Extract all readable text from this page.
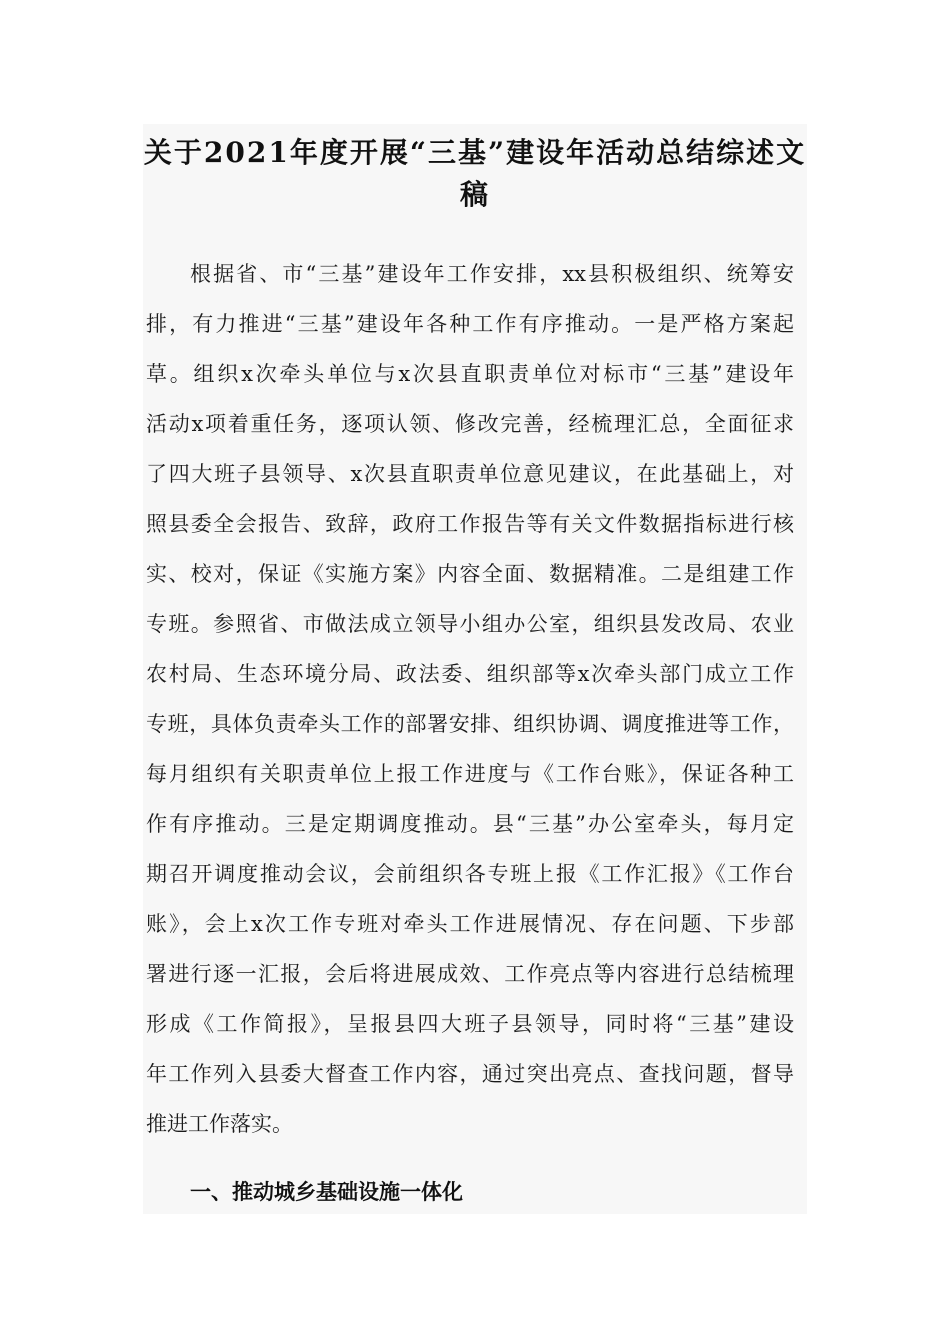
关于2021年度开展“三基”建设年活动总结综述文
稿
根据省、市“三基”建设年工作安排，xx县积极组织、统筹安
排，有力推进“三基”建设年各种工作有序推动。一是严格方案起
草。组织x次牵头单位与x次县直职责单位对标市“三基”建设年
活动x项着重任务，逐项认领、修改完善，经梳理汇总，全面征求
了四大班子县领导、x次县直职责单位意见建议，在此基础上，对
照县委全会报告、致辞，政府工作报告等有关文件数据指标进行核
实、校对，保证《实施方案》内容全面、数据精准。二是组建工作
专班。参照省、市做法成立领导小组办公室，组织县发改局、农业
农村局、生态环境分局、政法委、组织部等x次牵头部门成立工作
专班，具体负责牵头工作的部署安排、组织协调、调度推进等工作，
每月组织有关职责单位上报工作进度与《工作台账》，保证各种工
作有序推动。三是定期调度推动。县“三基”办公室牵头，每月定
期召开调度推动会议，会前组织各专班上报《工作汇报》《工作台
账》，会上x次工作专班对牵头工作进展情况、存在问题、下步部
署进行逐一汇报，会后将进展成效、工作亮点等内容进行总结梳理
形成《工作简报》，呈报县四大班子县领导，同时将“三基”建设
年工作列入县委大督查工作内容，通过突出亮点、查找问题，督导
推进工作落实。
一、推动城乡基础设施一体化
